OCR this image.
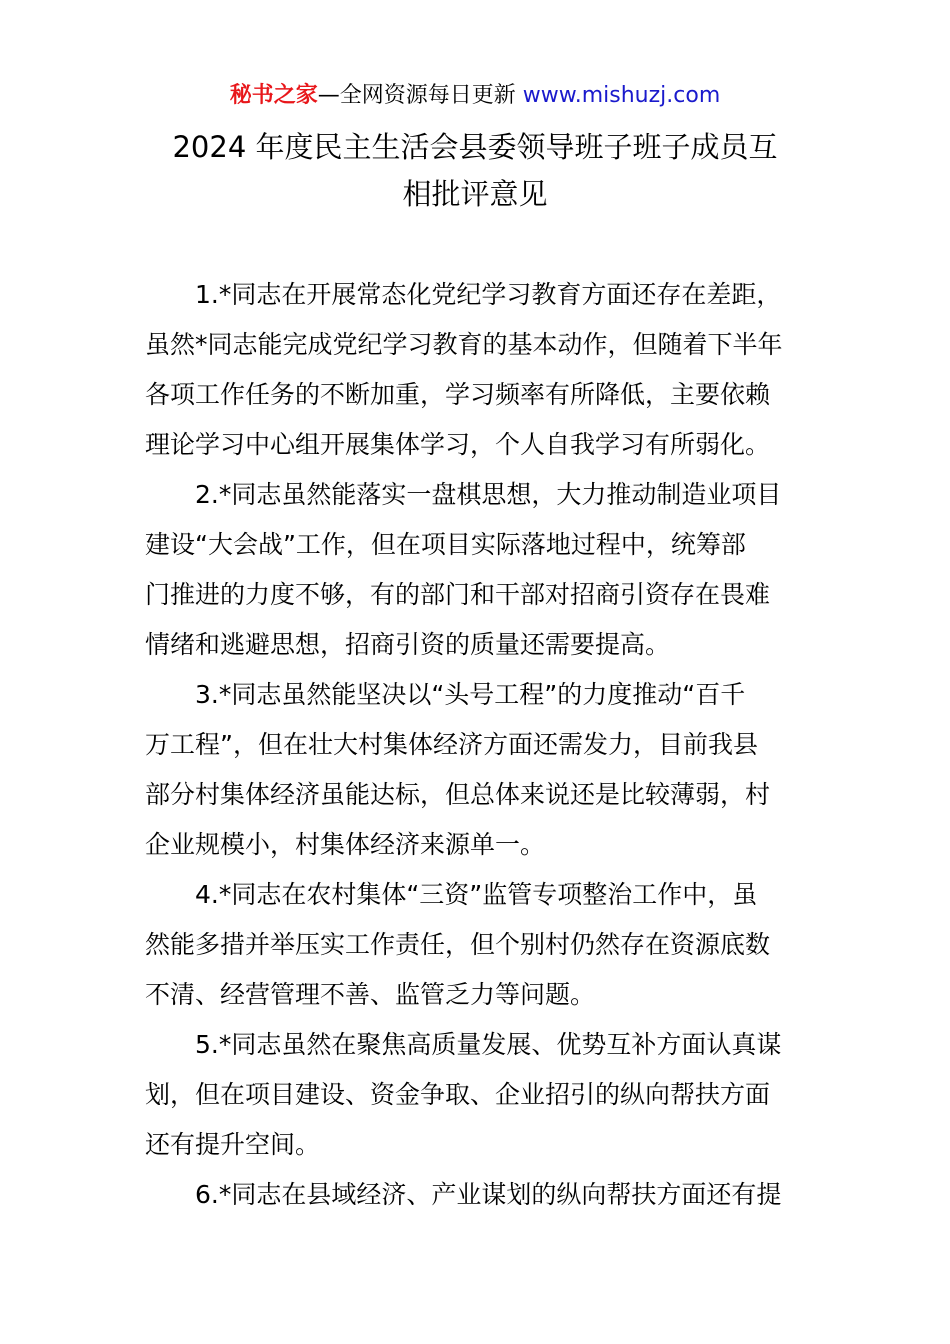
秘书之家—全网资源每日更新 www.mishuzj.com
2024 年度民主生活会县委领导班子班子成员互
相批评意见
1.*同志在开展常态化党纪学习教育方面还存在差距，
虽然*同志能完成党纪学习教育的基本动作，但随着下半年
各项工作任务的不断加重，学习频率有所降低，主要依赖
理论学习中心组开展集体学习，个人自我学习有所弱化。
2.*同志虽然能落实一盘棋思想，大力推动制造业项目
建设“大会战”工作，但在项目实际落地过程中，统筹部
门推进的力度不够，有的部门和干部对招商引资存在畏难
情绪和逃避思想，招商引资的质量还需要提高。
3.*同志虽然能坚决以“头号工程”的力度推动“百千
万工程”，但在壮大村集体经济方面还需发力，目前我县
部分村集体经济虽能达标，但总体来说还是比较薄弱，村
企业规模小，村集体经济来源单一。
4.*同志在农村集体“三资”监管专项整治工作中，虽
然能多措并举压实工作责任，但个别村仍然存在资源底数
不清、经营管理不善、监管乏力等问题。
5.*同志虽然在聚焦高质量发展、优势互补方面认真谋
划，但在项目建设、资金争取、企业招引的纵向帮扶方面
还有提升空间。
6.*同志在县域经济、产业谋划的纵向帮扶方面还有提
